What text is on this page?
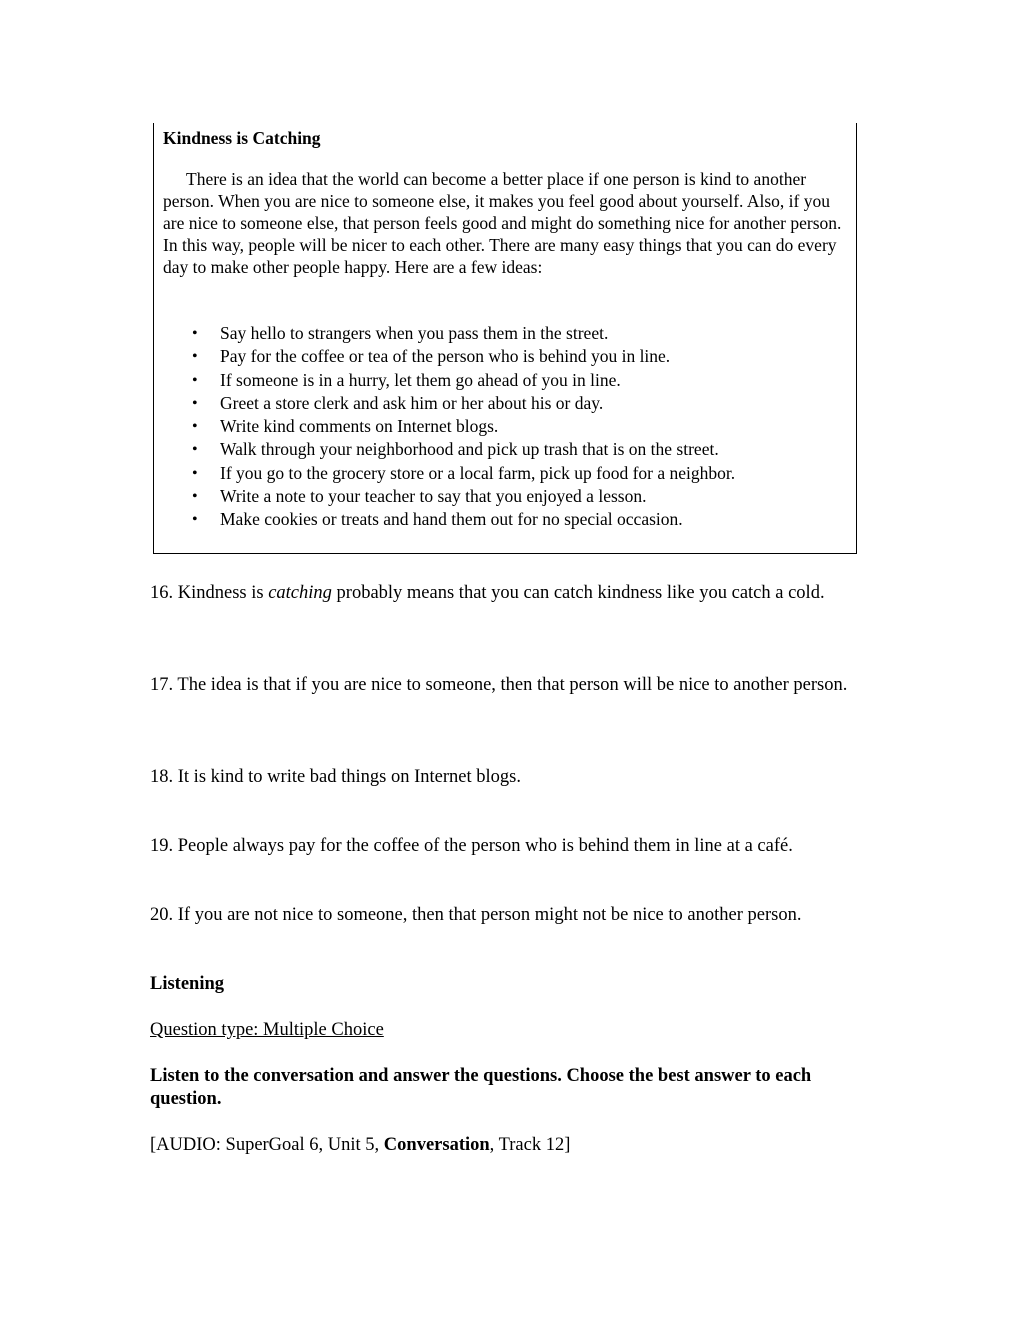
Kindness is Catching

There is an idea that the world can become a better place if one person is kind to another person. When you are nice to someone else, it makes you feel good about yourself. Also, if you are nice to someone else, that person feels good and might do something nice for another person. In this way, people will be nicer to each other. There are many easy things that you can do every day to make other people happy. Here are a few ideas:

• Say hello to strangers when you pass them in the street.
• Pay for the coffee or tea of the person who is behind you in line.
• If someone is in a hurry, let them go ahead of you in line.
• Greet a store clerk and ask him or her about his or day.
• Write kind comments on Internet blogs.
• Walk through your neighborhood and pick up trash that is on the street.
• If you go to the grocery store or a local farm, pick up food for a neighbor.
• Write a note to your teacher to say that you enjoyed a lesson.
• Make cookies or treats and hand them out for no special occasion.

16. Kindness is catching probably means that you can catch kindness like you catch a cold.

17. The idea is that if you are nice to someone, then that person will be nice to another person.

18. It is kind to write bad things on Internet blogs.

19. People always pay for the coffee of the person who is behind them in line at a café.

20. If you are not nice to someone, then that person might not be nice to another person.

Listening

Question type: Multiple Choice

Listen to the conversation and answer the questions. Choose the best answer to each question.

[AUDIO: SuperGoal 6, Unit 5, Conversation, Track 12]
